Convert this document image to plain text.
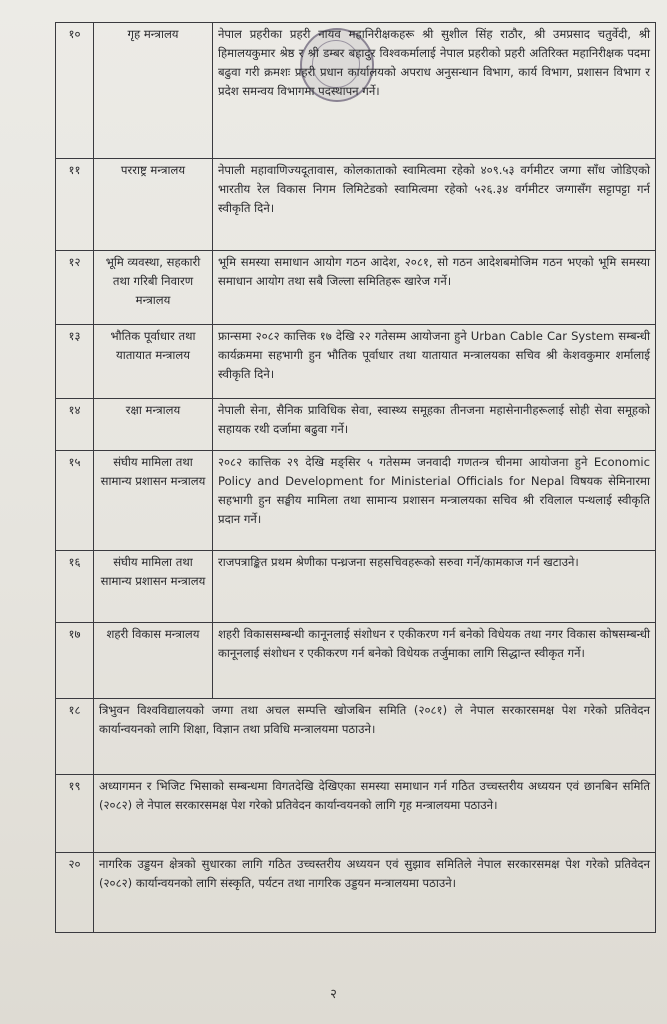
१०	गृह मन्त्रालय	नेपाल प्रहरीका प्रहरी नायव महानिरीक्षकहरू श्री सुशील सिंह राठौर, श्री उमप्रसाद चतुर्वेदी, श्री हिमालयकुमार श्रेष्ठ र श्री डम्बर बहादुर विश्वकर्मालाई नेपाल प्रहरीको प्रहरी अतिरिक्त महानिरीक्षक पदमा बढुवा गरी क्रमशः प्रहरी प्रधान कार्यालयको अपराध अनुसन्धान विभाग, कार्य विभाग, प्रशासन विभाग र प्रदेश समन्वय विभागमा पदस्थापन गर्ने।
११	परराष्ट्र मन्त्रालय	नेपाली महावाणिज्यदूतावास, कोलकाताको स्वामित्वमा रहेको ४०९.५३ वर्गमीटर जग्गा साँध जोडिएको भारतीय रेल विकास निगम लिमिटेडको स्वामित्वमा रहेको ५२६.३४ वर्गमीटर जग्गासँग सट्टापट्टा गर्न स्वीकृति दिने।
१२	भूमि व्यवस्था, सहकारी तथा गरिबी निवारण मन्त्रालय	भूमि समस्या समाधान आयोग गठन आदेश, २०८१, सो गठन आदेशबमोजिम गठन भएको भूमि समस्या समाधान आयोग तथा सबै जिल्ला समितिहरू खारेज गर्ने।
१३	भौतिक पूर्वाधार तथा यातायात मन्त्रालय	फ्रान्समा २०८२ कात्तिक १७ देखि २२ गतेसम्म आयोजना हुने Urban Cable Car System सम्बन्धी कार्यक्रममा सहभागी हुन भौतिक पूर्वाधार तथा यातायात मन्त्रालयका सचिव श्री केशवकुमार शर्मालाई स्वीकृति दिने।
१४	रक्षा मन्त्रालय	नेपाली सेना, सैनिक प्राविधिक सेवा, स्वास्थ्य समूहका तीनजना महासेनानीहरूलाई सोही सेवा समूहको सहायक रथी दर्जामा बढुवा गर्ने।
१५	संघीय मामिला तथा सामान्य प्रशासन मन्त्रालय	२०८२ कात्तिक २९ देखि मङ्सिर ५ गतेसम्म जनवादी गणतन्त्र चीनमा आयोजना हुने Economic Policy and Development for Ministerial Officials for Nepal विषयक सेमिनारमा सहभागी हुन सङ्घीय मामिला तथा सामान्य प्रशासन मन्त्रालयका सचिव श्री रविलाल पन्थलाई स्वीकृति प्रदान गर्ने।
१६	संघीय मामिला तथा सामान्य प्रशासन मन्त्रालय	राजपत्राङ्कित प्रथम श्रेणीका पन्ध्रजना सहसचिवहरूको सरुवा गर्ने/कामकाज गर्न खटाउने।
१७	शहरी विकास मन्त्रालय	शहरी विकाससम्बन्धी कानूनलाई संशोधन र एकीकरण गर्न बनेको विधेयक तथा नगर विकास कोषसम्बन्धी कानूनलाई संशोधन र एकीकरण गर्न बनेको विधेयक तर्जुमाका लागि सिद्धान्त स्वीकृत गर्ने।
१८	त्रिभुवन विश्वविद्यालयको जग्गा तथा अचल सम्पत्ति खोजबिन समिति (२०८१) ले नेपाल सरकारसमक्ष पेश गरेको प्रतिवेदन कार्यान्वयनको लागि शिक्षा, विज्ञान तथा प्रविधि मन्त्रालयमा पठाउने।	
१९	अध्यागमन र भिजिट भिसाको सम्बन्धमा विगतदेखि देखिएका समस्या समाधान गर्न गठित उच्चस्तरीय अध्ययन एवं छानबिन समिति (२०८२) ले नेपाल सरकारसमक्ष पेश गरेको प्रतिवेदन कार्यान्वयनको लागि गृह मन्त्रालयमा पठाउने।	
२०	नागरिक उड्डयन क्षेत्रको सुधारका लागि गठित उच्चस्तरीय अध्ययन एवं सुझाव समितिले नेपाल सरकारसमक्ष पेश गरेको प्रतिवेदन (२०८२) कार्यान्वयनको लागि संस्कृति, पर्यटन तथा नागरिक उड्डयन मन्त्रालयमा पठाउने।	
२
